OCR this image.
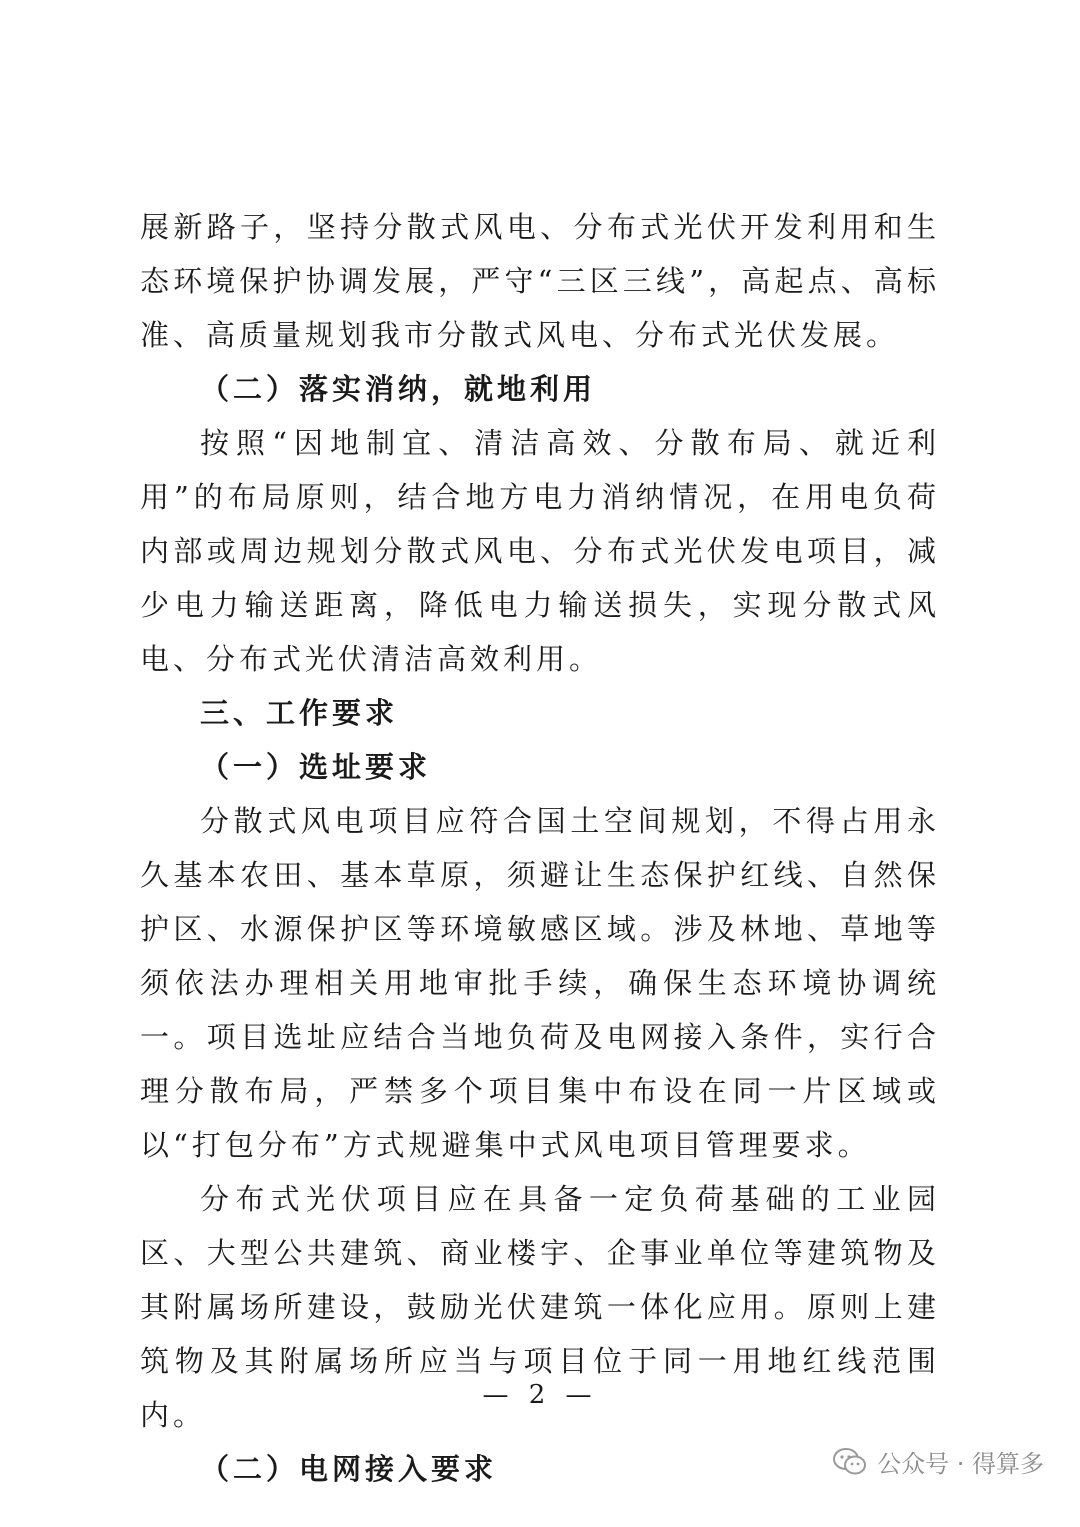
展新路子，坚持分散式风电、分布式光伏开发利用和生态环境保护协调发展，严守“三区三线”，高起点、高标准、高质量规划我市分散式风电、分布式光伏发展。

（二）落实消纳，就地利用

按照“因地制宜、清洁高效、分散布局、就近利用”的布局原则，结合地方电力消纳情况，在用电负荷内部或周边规划分散式风电、分布式光伏发电项目，减少电力输送距离，降低电力输送损失，实现分散式风电、分布式光伏清洁高效利用。

三、工作要求

（一）选址要求

分散式风电项目应符合国土空间规划，不得占用永久基本农田、基本草原，须避让生态保护红线、自然保护区、水源保护区等环境敏感区域。涉及林地、草地等须依法办理相关用地审批手续，确保生态环境协调统一。项目选址应结合当地负荷及电网接入条件，实行合理分散布局，严禁多个项目集中布设在同一片区域或以“打包分布”方式规避集中式风电项目管理要求。

分布式光伏项目应在具备一定负荷基础的工业园区、大型公共建筑、商业楼宇、企事业单位等建筑物及其附属场所建设，鼓励光伏建筑一体化应用。原则上建筑物及其附属场所应当与项目位于同一用地红线范围内。

（二）电网接入要求

— 2 —
公众号 · 得算多
